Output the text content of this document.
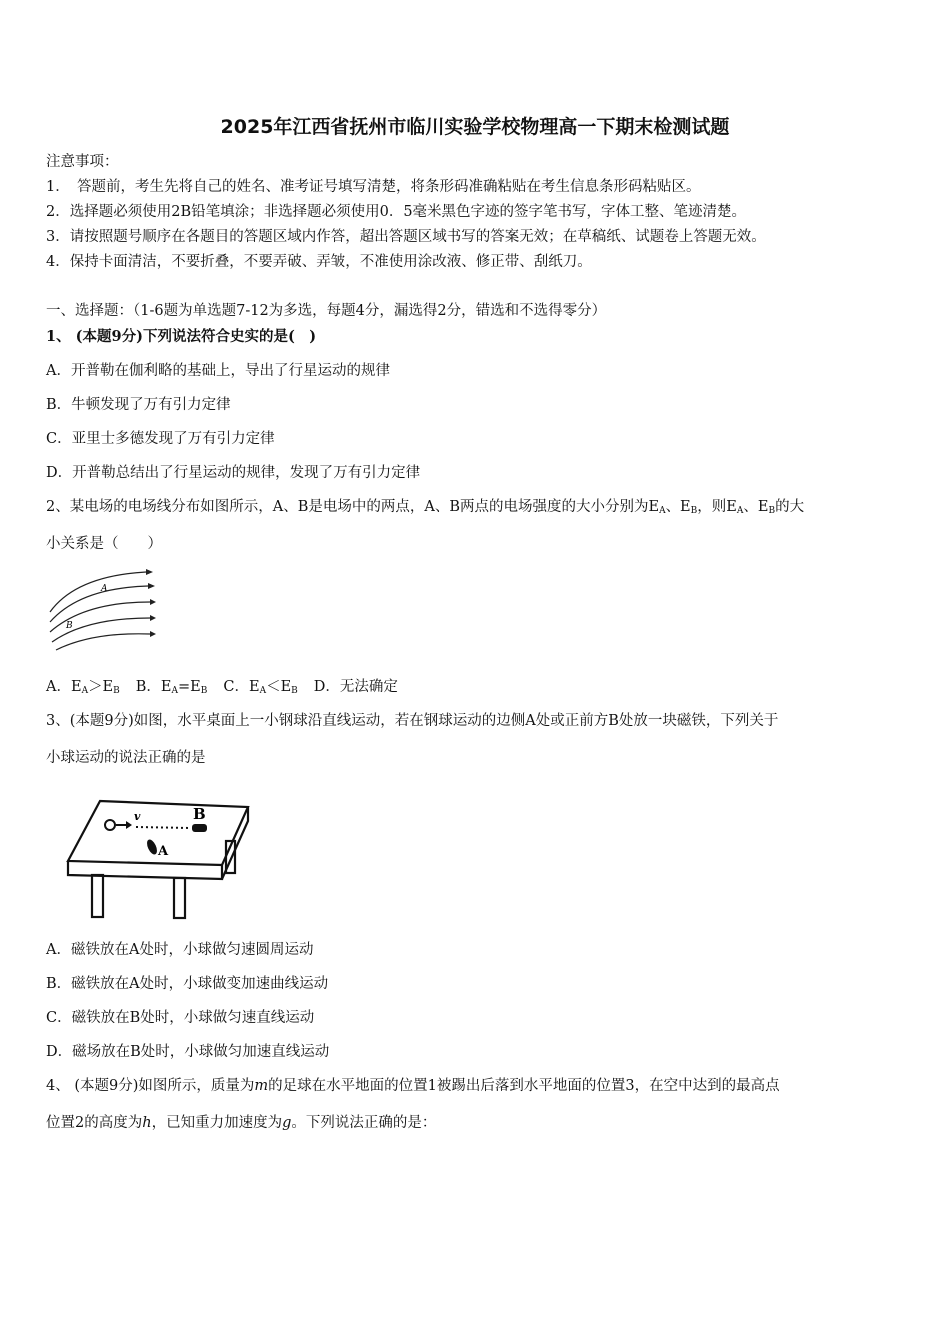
2025年江西省抚州市临川实验学校物理高一下期末检测试题
注意事项：
1．　答题前，考生先将自己的姓名、准考证号填写清楚，将条形码准确粘贴在考生信息条形码粘贴区。
2．选择题必须使用2B铅笔填涂；非选择题必须使用0．5毫米黑色字迹的签字笔书写，字体工整、笔迹清楚。
3．请按照题号顺序在各题目的答题区域内作答，超出答题区域书写的答案无效；在草稿纸、试题卷上答题无效。
4．保持卡面清洁，不要折叠，不要弄破、弄皱，不准使用涂改液、修正带、刮纸刀。
一、选择题：（1-6题为单选题7-12为多选，每题4分，漏选得2分，错选和不选得零分）
1、 (本题9分)下列说法符合史实的是(　)
A．开普勒在伽利略的基础上，导出了行星运动的规律
B．牛顿发现了万有引力定律
C．亚里士多德发现了万有引力定律
D．开普勒总结出了行星运动的规律，发现了万有引力定律
2、某电场的电场线分布如图所示，A、B是电场中的两点，A、B两点的电场强度的大小分别为$E_A$、$E_B$，则$E_A$、$E_B$的大
小关系是（　　）
A
B
A．$E_A>E_B$ B．$E_A=E_B$ C．$E_A<E_B$ D．无法确定
3、(本题9分)如图，水平桌面上一小钢球沿直线运动，若在钢球运动的边侧A处或正前方B处放一块磁铁，下列关于
小球运动的说法正确的是
v	B
A
A．磁铁放在A处时，小球做匀速圆周运动
B．磁铁放在A处时，小球做变加速曲线运动
C．磁铁放在B处时，小球做匀速直线运动
D．磁场放在B处时，小球做匀加速直线运动
4、 (本题9分)如图所示，质量为m的足球在水平地面的位置1被踢出后落到水平地面的位置3，在空中达到的最高点
位置2的高度为h，已知重力加速度为g。下列说法正确的是：
